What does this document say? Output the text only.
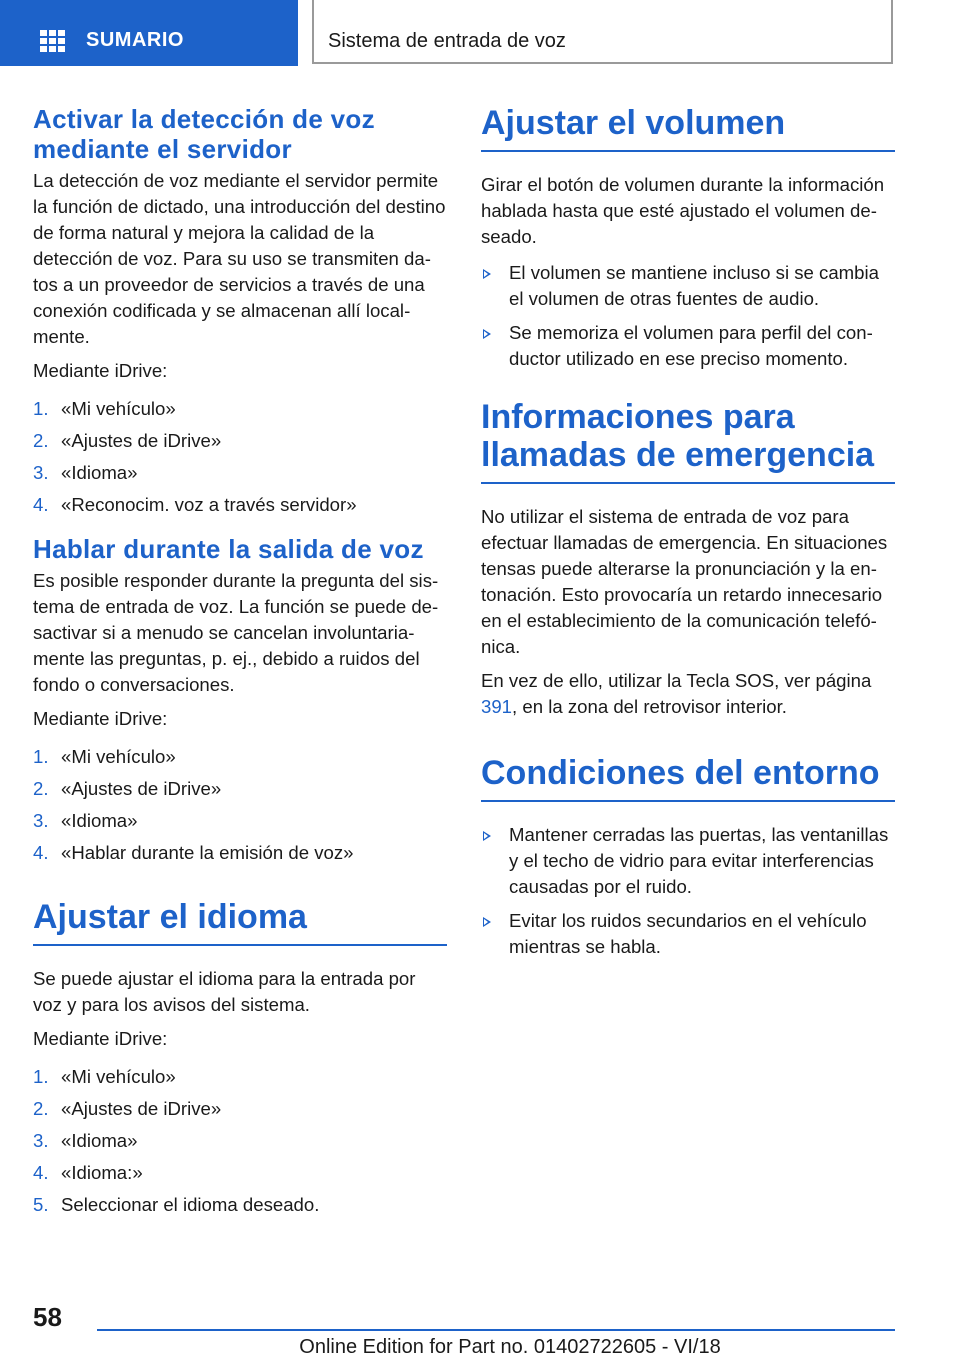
SUMARIO	Sistema de entrada de voz
Activar la detección de voz mediante el servidor

La detección de voz mediante el servidor permite la función de dictado, una introducción del destino de forma natural y mejora la calidad de la detección de voz. Para su uso se transmiten datos a un proveedor de servicios a través de una conexión codificada y se almacenan allí localmente.

Mediante iDrive:

1. «Mi vehículo»
2. «Ajustes de iDrive»
3. «Idioma»
4. «Reconocim. voz a través servidor»
Hablar durante la salida de voz

Es posible responder durante la pregunta del sistema de entrada de voz. La función se puede desactivar si a menudo se cancelan involuntariamente las preguntas, p. ej., debido a ruidos del fondo o conversaciones.

Mediante iDrive:

1. «Mi vehículo»
2. «Ajustes de iDrive»
3. «Idioma»
4. «Hablar durante la emisión de voz»
Ajustar el idioma

Se puede ajustar el idioma para la entrada por voz y para los avisos del sistema.

Mediante iDrive:

1. «Mi vehículo»
2. «Ajustes de iDrive»
3. «Idioma»
4. «Idioma:»
5. Seleccionar el idioma deseado.
Ajustar el volumen

Girar el botón de volumen durante la información hablada hasta que esté ajustado el volumen deseado.

El volumen se mantiene incluso si se cambia el volumen de otras fuentes de audio.
Se memoriza el volumen para perfil del conductor utilizado en ese preciso momento.
Informaciones para llamadas de emergencia

No utilizar el sistema de entrada de voz para efectuar llamadas de emergencia. En situaciones tensas puede alterarse la pronunciación y la entonación. Esto provocaría un retardo innecesario en el establecimiento de la comunicación telefónica.

En vez de ello, utilizar la Tecla SOS, ver página 391, en la zona del retrovisor interior.

Condiciones del entorno
Mantener cerradas las puertas, las ventanillas y el techo de vidrio para evitar interferencias causadas por el ruido.
Evitar los ruidos secundarios en el vehículo mientras se habla.
58
Online Edition for Part no. 01402722605 - VI/18
